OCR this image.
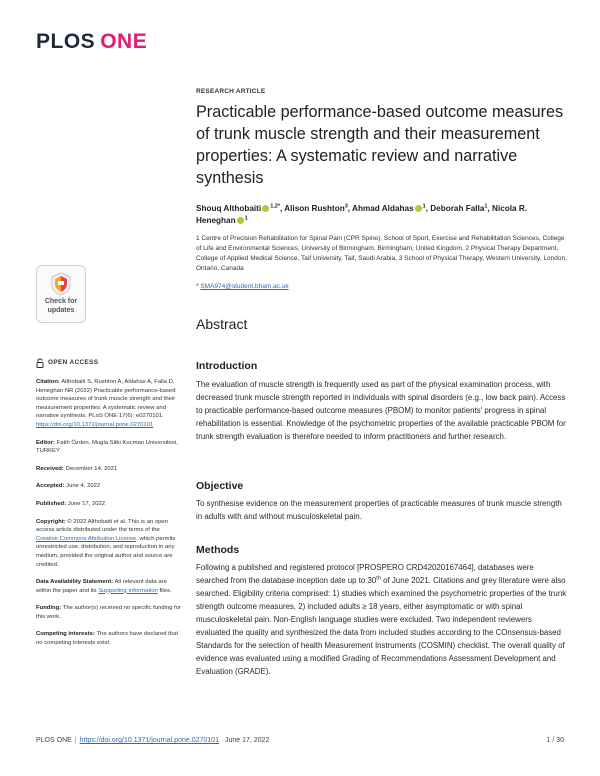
PLOS ONE
RESEARCH ARTICLE
Practicable performance-based outcome measures of trunk muscle strength and their measurement properties: A systematic review and narrative synthesis
Shouq Althobaiti $^{1,2*}$, Alison Rushton$^3$, Ahmad Aldahas $^1$, Deborah Falla$^1$, Nicola R. Heneghan $^1$
1 Centre of Precision Rehabilitation for Spinal Pain (CPR Spine), School of Sport, Exercise and Rehabilitation Sciences, College of Life and Environmental Sciences, University of Birmingham, Birmingham, United Kingdom, 2 Physical Therapy Department, College of Applied Medical Science, Taif University, Taif, Saudi Arabia, 3 School of Physical Therapy, Western University, London, Ontario, Canada
* SMA974@student.bham.ac.uk
Check for
updates
Abstract
Introduction
The evaluation of muscle strength is frequently used as part of the physical examination process, with decreased trunk muscle strength reported in individuals with spinal disorders (e.g., low back pain). Access to practicable performance-based outcome measures (PBOM) to monitor patients' progress in spinal rehabilitation is essential. Knowledge of the psychometric properties of the available practicable PBOM for trunk strength evaluation is therefore needed to inform practitioners and further research.
Objective
To synthesise evidence on the measurement properties of practicable measures of trunk muscle strength in adults with and without musculoskeletal pain.
Methods
Following a published and registered protocol [PROSPERO CRD42020167464], databases were searched from the database inception date up to 30th of June 2021. Citations and grey literature were also searched. Eligibility criteria comprised: 1) studies which examined the psychometric properties of the trunk strength outcome measures, 2) included adults ≥ 18 years, either asymptomatic or with spinal musculoskeletal pain. Non-English language studies were excluded. Two independent reviewers evaluated the quality and synthesized the data from included studies according to the COnsensus-based Standards for the selection of health Measurement Instruments (COSMIN) checklist. The overall quality of evidence was evaluated using a modified Grading of Recommendations Assessment Development and Evaluation (GRADE).
OPEN ACCESS
Citation: Althobaiti S, Rushton A, Aldahas A, Falla D, Heneghan NR (2022) Practicable performance-based outcome measures of trunk muscle strength and their measurement properties: A systematic review and narrative synthesis. PLoS ONE 17(6): e0270101. https://doi.org/10.1371/journal.pone.0270101
Editor: Fatih Özden, Mugla Sitki Kocman Universitesi, TURKEY
Received: December 14, 2021
Accepted: June 4, 2022
Published: June 17, 2022
Copyright: © 2022 Althobaiti et al. This is an open access article distributed under the terms of the Creative Commons Attribution License, which permits unrestricted use, distribution, and reproduction in any medium, provided the original author and source are credited.
Data Availability Statement: All relevant data are within the paper and its Supporting Information files.
Funding: The author(s) received no specific funding for this work.
Competing interests: The authors have declared that no competing interests exist.
PLOS ONE | https://doi.org/10.1371/journal.pone.0270101 June 17, 2022	1 / 30
